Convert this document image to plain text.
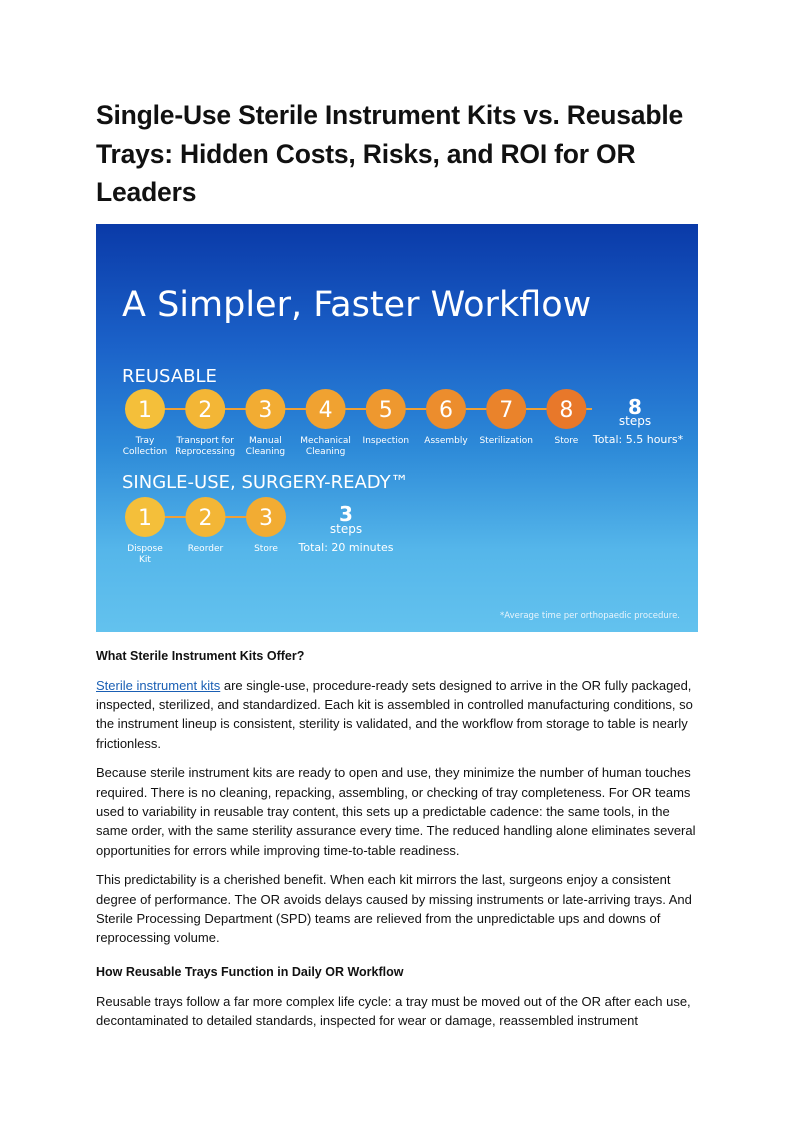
Single-Use Sterile Instrument Kits vs. Reusable Trays: Hidden Costs, Risks, and ROI for OR Leaders
A Simpler, Faster Workflow
REUSABLE
1
Tray
Collection
2
Transport for
Reprocessing
3
Manual
Cleaning
4
Mechanical
Cleaning
5
Inspection
6
Assembly
7
Sterilization
8
Store
8
steps
Total: 5.5 hours*
SINGLE-USE, SURGERY-READY™
1
Dispose
Kit
2
Reorder
3
Store
3
steps
Total: 20 minutes
*Average time per orthopaedic procedure.
What Sterile Instrument Kits Offer?

Sterile instrument kits are single-use, procedure-ready sets designed to arrive in the OR fully packaged, inspected, sterilized, and standardized. Each kit is assembled in controlled manufacturing conditions, so the instrument lineup is consistent, sterility is validated, and the workflow from storage to table is nearly frictionless.

Because sterile instrument kits are ready to open and use, they minimize the number of human touches required. There is no cleaning, repacking, assembling, or checking of tray completeness. For OR teams used to variability in reusable tray content, this sets up a predictable cadence: the same tools, in the same order, with the same sterility assurance every time. The reduced handling alone eliminates several opportunities for errors while improving time-to-table readiness.

This predictability is a cherished benefit. When each kit mirrors the last, surgeons enjoy a consistent degree of performance. The OR avoids delays caused by missing instruments or late-arriving trays. And Sterile Processing Department (SPD) teams are relieved from the unpredictable ups and downs of reprocessing volume.

How Reusable Trays Function in Daily OR Workflow

Reusable trays follow a far more complex life cycle: a tray must be moved out of the OR after each use, decontaminated to detailed standards, inspected for wear or damage, reassembled instrument
